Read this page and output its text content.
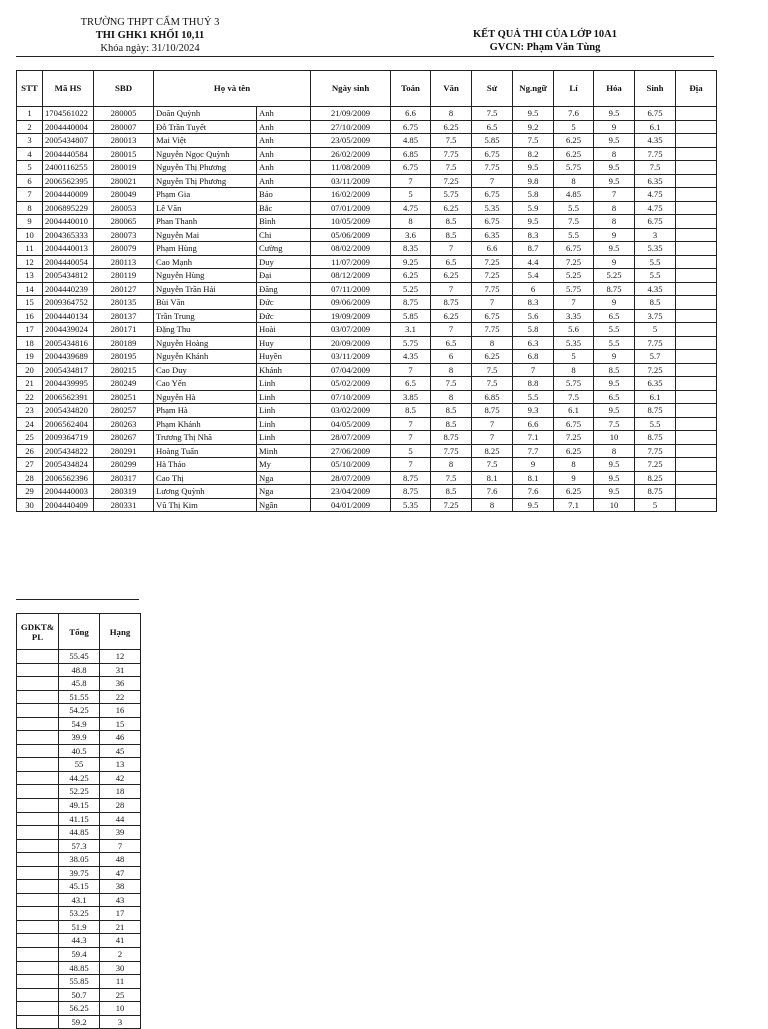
TRƯỜNG THPT CẨM THUỶ 3
THI GHK1 KHỐI 10,11
Khóa ngày: 31/10/2024
KẾT QUẢ THI CỦA LỚP 10A1
GVCN: Phạm Văn Tùng
STT	Mã HS	SBD	Họ và tên		Ngày sinh	Toán	Văn	Sử	Ng.ngữ	Lí	Hóa	Sinh	Địa
1	1704561022	280005	Doãn Quỳnh	Anh	21/09/2009	6.6	8	7.5	9.5	7.6	9.5	6.75	
2	2004440004	280007	Đỗ Trần Tuyết	Anh	27/10/2009	6.75	6.25	6.5	9.2	5	9	6.1	
3	2005434807	280013	Mai Việt	Anh	23/05/2009	4.85	7.5	5.85	7.5	6.25	9.5	4.35	
4	2004440584	280015	Nguyễn Ngọc Quỳnh	Anh	26/02/2009	6.85	7.75	6.75	8.2	6.25	8	7.75	
5	2400116255	280019	Nguyễn Thị Phương	Anh	11/08/2009	6.75	7.5	7.75	9.5	5.75	9.5	7.5	
6	2006562395	280021	Nguyễn Thị Phương	Anh	03/11/2009	7	7.25	7	9.8	8	9.5	6.35	
7	2004440009	280049	Phạm Gia	Bảo	16/02/2009	5	5.75	6.75	5.8	4.85	7	4.75	
8	2006895229	280053	Lê Văn	Bắc	07/01/2009	4.75	6.25	5.35	5.9	5.5	8	4.75	
9	2004440010	280065	Phan Thanh	Bình	10/05/2009	8	8.5	6.75	9.5	7.5	8	6.75	
10	2004365333	280073	Nguyễn Mai	Chi	05/06/2009	3.6	8.5	6.35	8.3	5.5	9	3	
11	2004440013	280079	Phạm Hùng	Cường	08/02/2009	8.35	7	6.6	8.7	6.75	9.5	5.35	
12	2004440054	280113	Cao Mạnh	Duy	11/07/2009	9.25	6.5	7.25	4.4	7.25	9	5.5	
13	2005434812	280119	Nguyễn Hùng	Đại	08/12/2009	6.25	6.25	7.25	5.4	5.25	5.25	5.5	
14	2004440239	280127	Nguyễn Trần Hải	Đăng	07/11/2009	5.25	7	7.75	6	5.75	8.75	4.35	
15	2009364752	280135	Bùi Văn	Đức	09/06/2009	8.75	8.75	7	8.3	7	9	8.5	
16	2004440134	280137	Trần Trung	Đức	19/09/2009	5.85	6.25	6.75	5.6	3.35	6.5	3.75	
17	2004439024	280171	Đặng Thu	Hoài	03/07/2009	3.1	7	7.75	5.8	5.6	5.5	5	
18	2005434816	280189	Nguyễn Hoàng	Huy	20/09/2009	5.75	6.5	8	6.3	5.35	5.5	7.75	
19	2004439689	280195	Nguyễn Khánh	Huyền	03/11/2009	4.35	6	6.25	6.8	5	9	5.7	
20	2005434817	280215	Cao Duy	Khánh	07/04/2009	7	8	7.5	7	8	8.5	7.25	
21	2004439995	280249	Cao Yến	Linh	05/02/2009	6.5	7.5	7.5	8.8	5.75	9.5	6.35	
22	2006562391	280251	Nguyễn Hà	Linh	07/10/2009	3.85	8	6.85	5.5	7.5	6.5	6.1	
23	2005434820	280257	Phạm Hà	Linh	03/02/2009	8.5	8.5	8.75	9.3	6.1	9.5	8.75	
24	2006562404	280263	Phạm Khánh	Linh	04/05/2009	7	8.5	7	6.6	6.75	7.5	5.5	
25	2009364719	280267	Trương Thị Nhã	Linh	28/07/2009	7	8.75	7	7.1	7.25	10	8.75	
26	2005434822	280291	Hoàng Tuấn	Minh	27/06/2009	5	7.75	8.25	7.7	6.25	8	7.75	
27	2005434824	280299	Hà Thảo	My	05/10/2009	7	8	7.5	9	8	9.5	7.25	
28	2006562396	280317	Cao Thị	Nga	28/07/2009	8.75	7.5	8.1	8.1	9	9.5	8.25	
29	2004440003	280319	Lương Quỳnh	Nga	23/04/2009	8.75	8.5	7.6	7.6	6.25	9.5	8.75	
30	2004440409	280331	Vũ Thị Kim	Ngân	04/01/2009	5.35	7.25	8	9.5	7.1	10	5	
GDKT& PL	Tổng	Hạng
	55.45	12
	48.8	31
	45.8	36
	51.55	22
	54.25	16
	54.9	15
	39.9	46
	40.5	45
	55	13
	44.25	42
	52.25	18
	49.15	28
	41.15	44
	44.85	39
	57.3	7
	38.05	48
	39.75	47
	45.15	38
	43.1	43
	53.25	17
	51.9	21
	44.3	41
	59.4	2
	48.85	30
	55.85	11
	50.7	25
	56.25	10
	59.2	3
